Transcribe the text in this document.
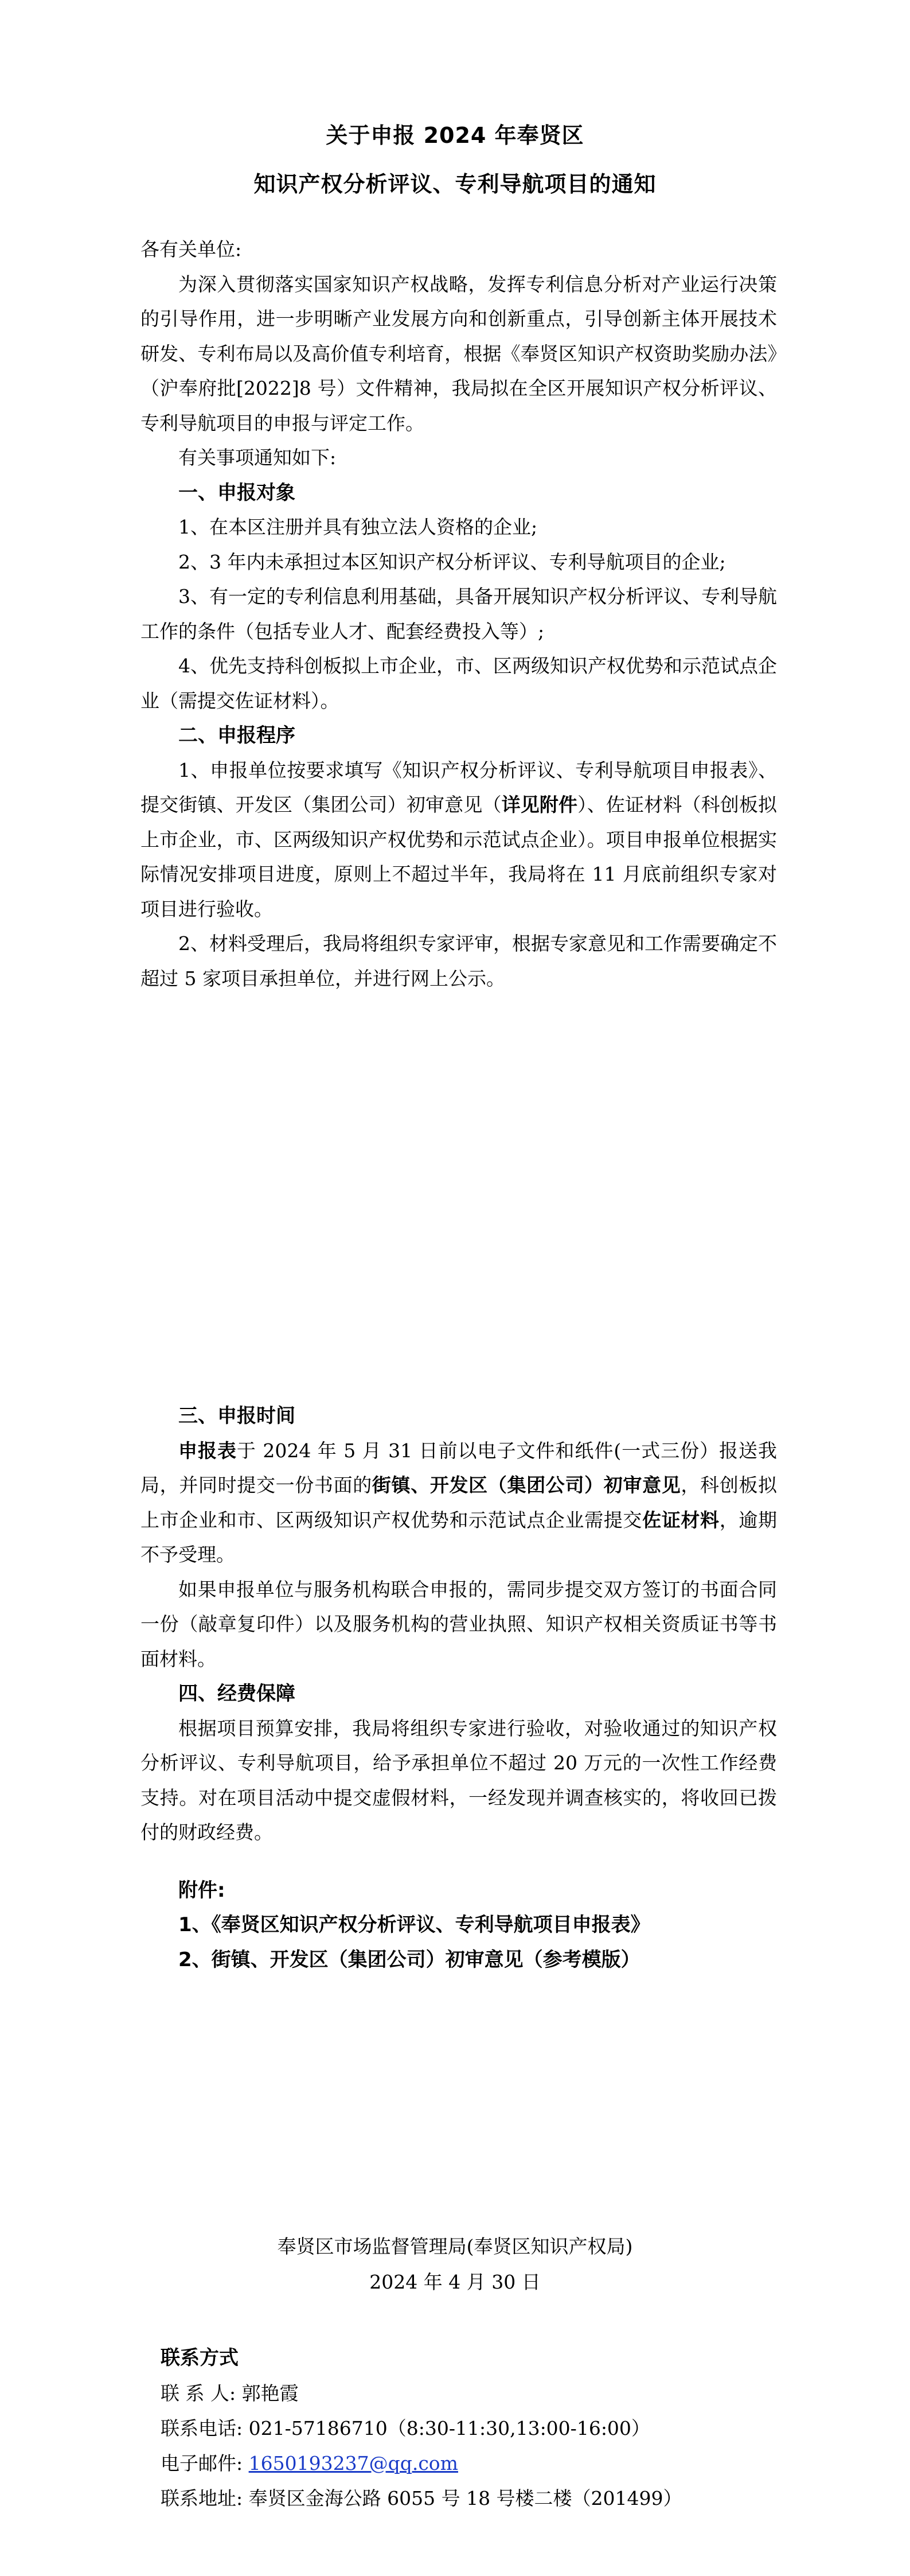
关于申报 2024 年奉贤区
知识产权分析评议、专利导航项目的通知

各有关单位:

为深入贯彻落实国家知识产权战略，发挥专利信息分析对产业运行决策的引导作用，进一步明晰产业发展方向和创新重点，引导创新主体开展技术研发、专利布局以及高价值专利培育，根据《奉贤区知识产权资助奖励办法》（沪奉府批[2022]8 号）文件精神，我局拟在全区开展知识产权分析评议、专利导航项目的申报与评定工作。

有关事项通知如下:

一、申报对象

1、在本区注册并具有独立法人资格的企业;

2、3 年内未承担过本区知识产权分析评议、专利导航项目的企业;

3、有一定的专利信息利用基础，具备开展知识产权分析评议、专利导航工作的条件（包括专业人才、配套经费投入等）;

4、优先支持科创板拟上市企业，市、区两级知识产权优势和示范试点企业（需提交佐证材料）。

二、申报程序

1、申报单位按要求填写《知识产权分析评议、专利导航项目申报表》、提交街镇、开发区（集团公司）初审意见（详见附件）、佐证材料（科创板拟上市企业，市、区两级知识产权优势和示范试点企业）。项目申报单位根据实际情况安排项目进度，原则上不超过半年，我局将在 11 月底前组织专家对项目进行验收。

2、材料受理后，我局将组织专家评审，根据专家意见和工作需要确定不超过 5 家项目承担单位，并进行网上公示。

三、申报时间

申报表于 2024 年 5 月 31 日前以电子文件和纸件(一式三份）报送我局，并同时提交一份书面的街镇、开发区（集团公司）初审意见，科创板拟上市企业和市、区两级知识产权优势和示范试点企业需提交佐证材料，逾期不予受理。

如果申报单位与服务机构联合申报的，需同步提交双方签订的书面合同一份（敲章复印件）以及服务机构的营业执照、知识产权相关资质证书等书面材料。

四、经费保障

根据项目预算安排，我局将组织专家进行验收，对验收通过的知识产权分析评议、专利导航项目，给予承担单位不超过 20 万元的一次性工作经费支持。对在项目活动中提交虚假材料，一经发现并调查核实的，将收回已拨付的财政经费。

附件:

1、《奉贤区知识产权分析评议、专利导航项目申报表》

2、街镇、开发区（集团公司）初审意见（参考模版）

奉贤区市场监督管理局(奉贤区知识产权局)
2024 年 4 月 30 日

联系方式

联 系 人: 郭艳霞

联系电话: 021-57186710（8:30-11:30,13:00-16:00）

电子邮件: 1650193237@qq.com

联系地址: 奉贤区金海公路 6055 号 18 号楼二楼（201499）
